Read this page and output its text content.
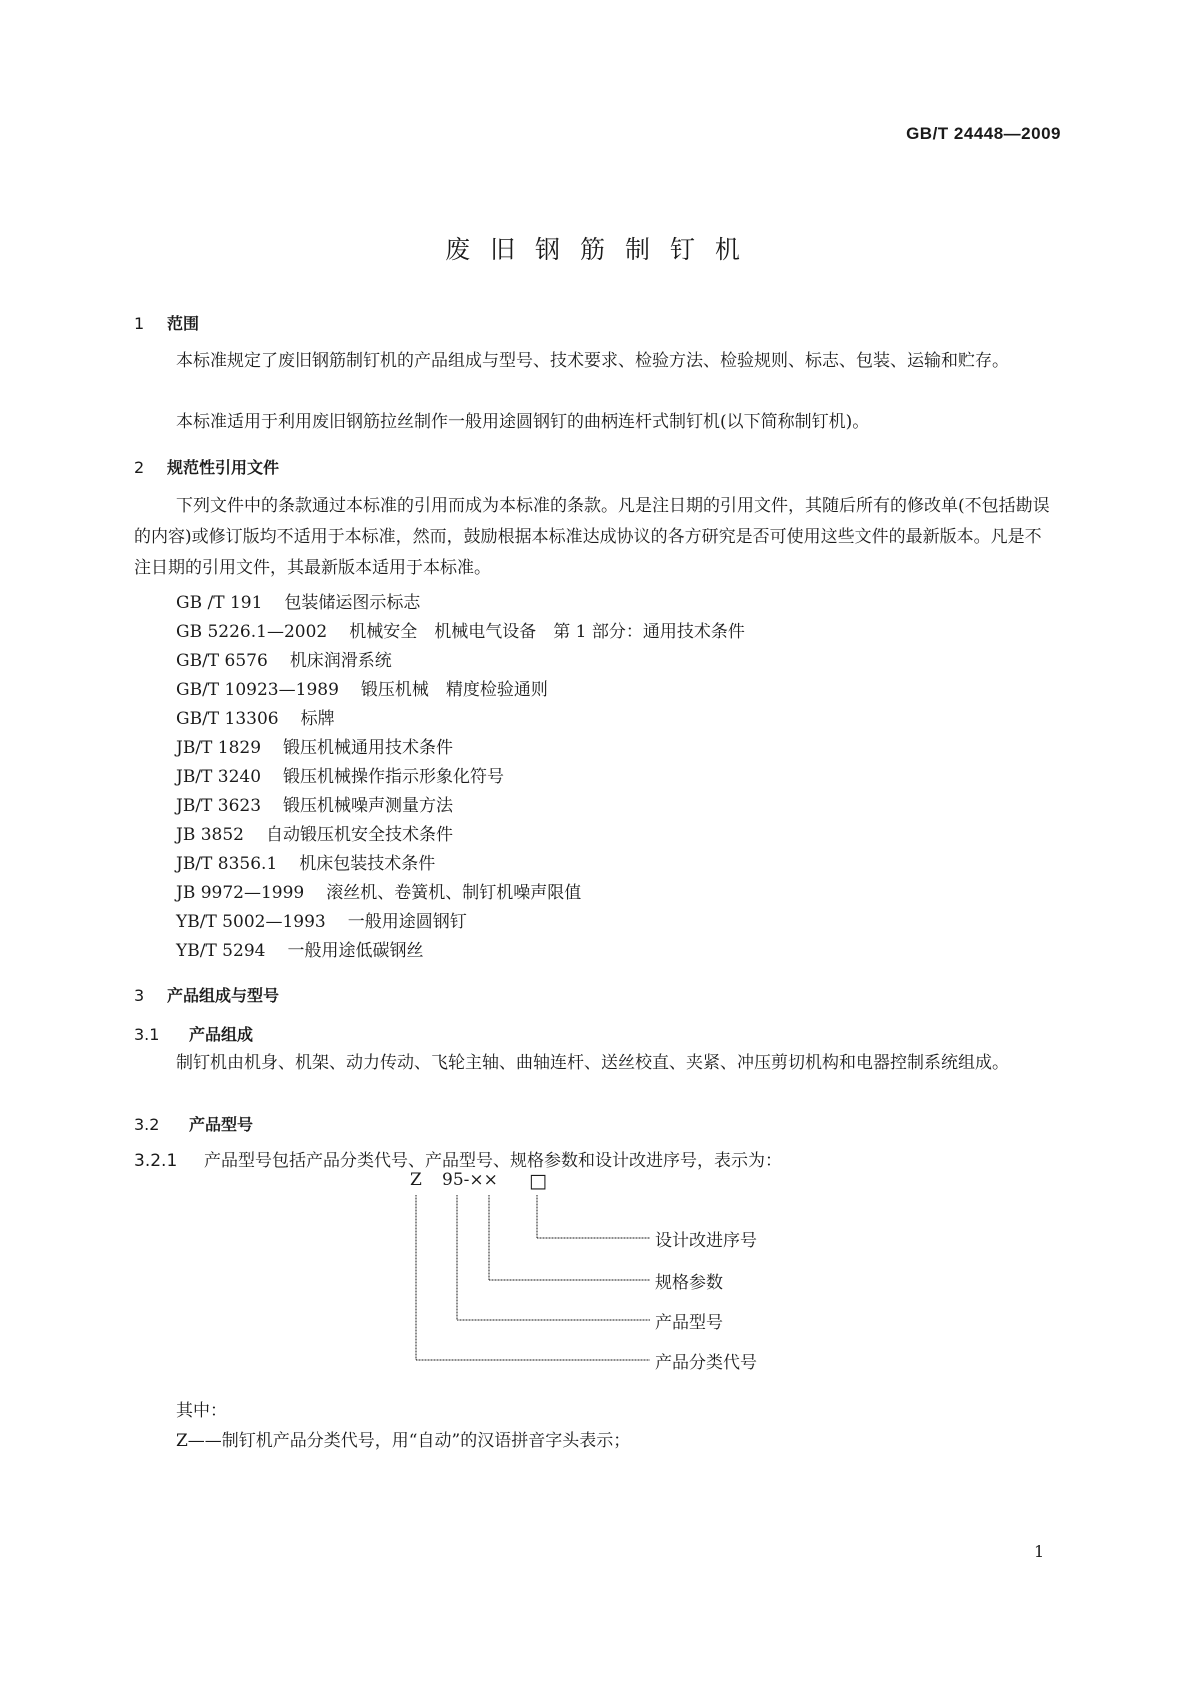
GB/T 24448—2009
废 旧 钢 筋 制 钉 机
1 范围

本标准规定了废旧钢筋制钉机的产品组成与型号、技术要求、检验方法、检验规则、标志、包装、运输和贮存。

本标准适用于利用废旧钢筋拉丝制作一般用途圆钢钉的曲柄连杆式制钉机(以下简称制钉机)。

2 规范性引用文件

下列文件中的条款通过本标准的引用而成为本标准的条款。凡是注日期的引用文件，其随后所有的修改单(不包括勘误的内容)或修订版均不适用于本标准，然而，鼓励根据本标准达成协议的各方研究是否可使用这些文件的最新版本。凡是不注日期的引用文件，其最新版本适用于本标准。

GB /T 191 包装储运图示标志
GB 5226.1—2002 机械安全　机械电气设备　第 1 部分：通用技术条件
GB/T 6576 机床润滑系统
GB/T 10923—1989 锻压机械　精度检验通则
GB/T 13306 标牌
JB/T 1829 锻压机械通用技术条件
JB/T 3240 锻压机械操作指示形象化符号
JB/T 3623 锻压机械噪声测量方法
JB 3852 自动锻压机安全技术条件
JB/T 8356.1 机床包装技术条件
JB 9972—1999 滚丝机、卷簧机、制钉机噪声限值
YB/T 5002—1993 一般用途圆钢钉
YB/T 5294 一般用途低碳钢丝
3 产品组成与型号
3.1 产品组成

制钉机由机身、机架、动力传动、飞轮主轴、曲轴连杆、送丝校直、夹紧、冲压剪切机构和电器控制系统组成。

3.2 产品型号
3.2.1 产品型号包括产品分类代号、产品型号、规格参数和设计改进序号，表示为：
Z 95-×× □
设计改进序号
规格参数
产品型号
产品分类代号
其中：
Z——制钉机产品分类代号，用“自动”的汉语拼音字头表示；
1
